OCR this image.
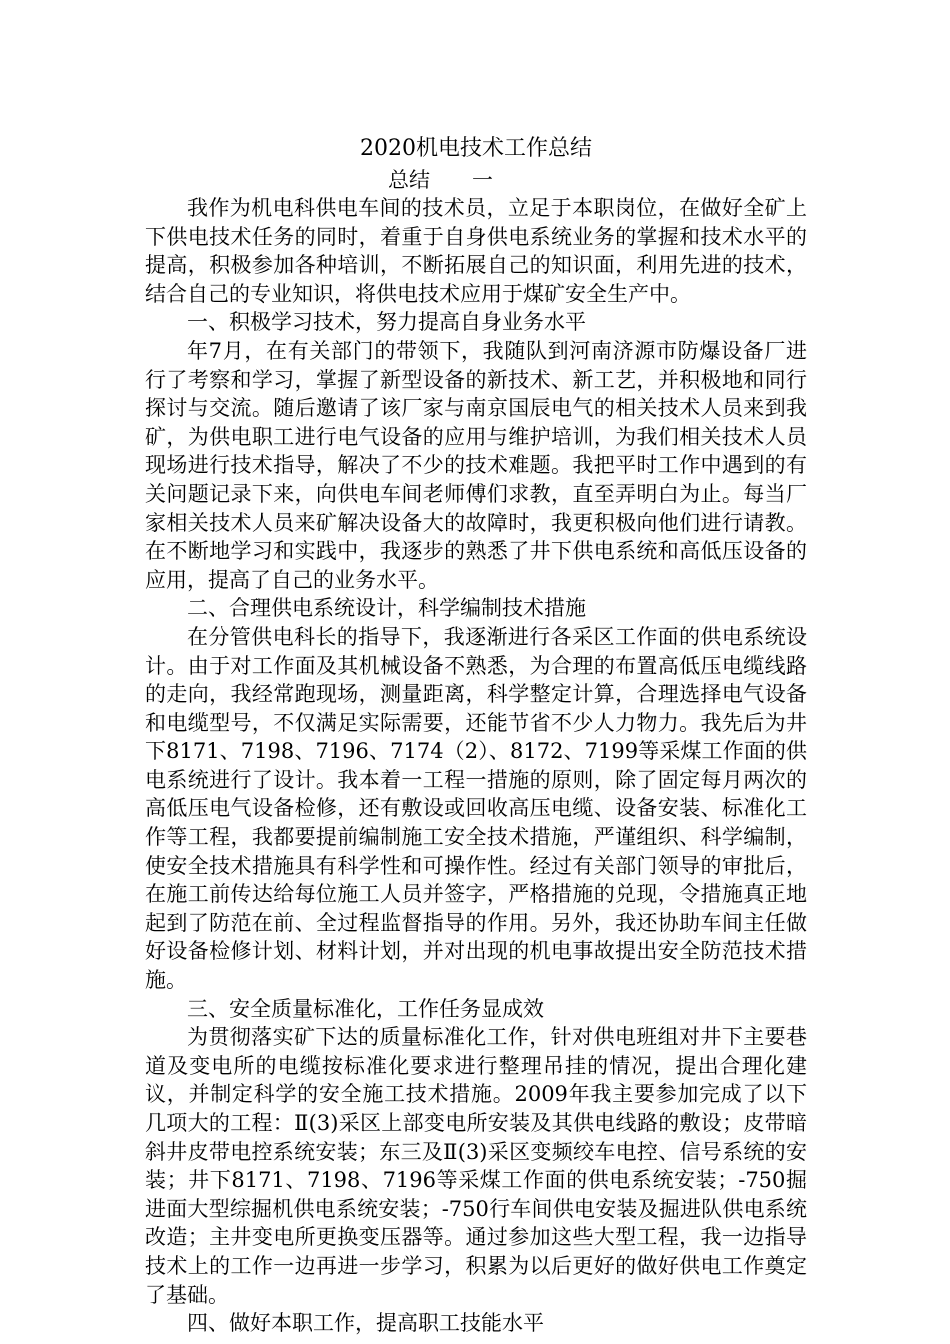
2020机电技术工作总结
总结　　一

我作为机电科供电车间的技术员，立足于本职岗位，在做好全矿上下供电技术任务的同时，着重于自身供电系统业务的掌握和技术水平的提高，积极参加各种培训，不断拓展自己的知识面，利用先进的技术，结合自己的专业知识，将供电技术应用于煤矿安全生产中。

一、积极学习技术，努力提高自身业务水平

年7月，在有关部门的带领下，我随队到河南济源市防爆设备厂进行了考察和学习，掌握了新型设备的新技术、新工艺，并积极地和同行探讨与交流。随后邀请了该厂家与南京国辰电气的相关技术人员来到我矿，为供电职工进行电气设备的应用与维护培训，为我们相关技术人员现场进行技术指导，解决了不少的技术难题。我把平时工作中遇到的有关问题记录下来，向供电车间老师傅们求教，直至弄明白为止。每当厂家相关技术人员来矿解决设备大的故障时，我更积极向他们进行请教。在不断地学习和实践中，我逐步的熟悉了井下供电系统和高低压设备的应用，提高了自己的业务水平。

二、合理供电系统设计，科学编制技术措施

在分管供电科长的指导下，我逐渐进行各采区工作面的供电系统设计。由于对工作面及其机械设备不熟悉，为合理的布置高低压电缆线路的走向，我经常跑现场，测量距离，科学整定计算，合理选择电气设备和电缆型号，不仅满足实际需要，还能节省不少人力物力。我先后为井下8171、7198、7196、7174（2）、8172、7199等采煤工作面的供电系统进行了设计。我本着一工程一措施的原则，除了固定每月两次的高低压电气设备检修，还有敷设或回收高压电缆、设备安装、标准化工作等工程，我都要提前编制施工安全技术措施，严谨组织、科学编制，使安全技术措施具有科学性和可操作性。经过有关部门领导的审批后，在施工前传达给每位施工人员并签字，严格措施的兑现，令措施真正地起到了防范在前、全过程监督指导的作用。另外，我还协助车间主任做好设备检修计划、材料计划，并对出现的机电事故提出安全防范技术措施。

三、安全质量标准化，工作任务显成效

为贯彻落实矿下达的质量标准化工作，针对供电班组对井下主要巷道及变电所的电缆按标准化要求进行整理吊挂的情况，提出合理化建议，并制定科学的安全施工技术措施。2009年我主要参加完成了以下几项大的工程：Ⅱ(3)采区上部变电所安装及其供电线路的敷设；皮带暗斜井皮带电控系统安装；东三及Ⅱ(3)采区变频绞车电控、信号系统的安装；井下8171、7198、7196等采煤工作面的供电系统安装；-750掘进面大型综掘机供电系统安装；-750行车间供电安装及掘进队供电系统改造；主井变电所更换变压器等。通过参加这些大型工程，我一边指导技术上的工作一边再进一步学习，积累为以后更好的做好供电工作奠定了基础。

四、做好本职工作，提高职工技能水平
